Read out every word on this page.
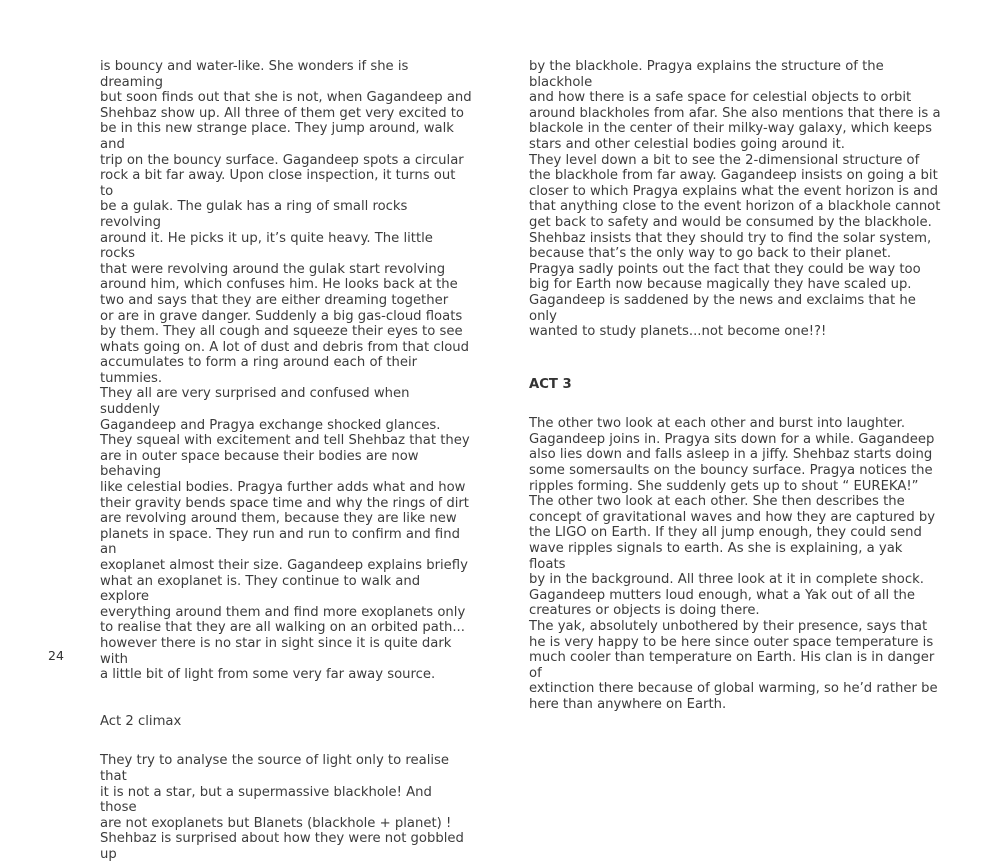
is bouncy and water-like. She wonders if she is dreaming
but soon finds out that she is not, when Gagandeep and
Shehbaz show up. All three of them get very excited to
be in this new strange place. They jump around, walk and
trip on the bouncy surface. Gagandeep spots a circular
rock a bit far away. Upon close inspection, it turns out to
be a gulak. The gulak has a ring of small rocks revolving
around it. He picks it up, it’s quite heavy. The little rocks
that were revolving around the gulak start revolving
around him, which confuses him. He looks back at the
two and says that they are either dreaming together
or are in grave danger. Suddenly a big gas-cloud floats
by them. They all cough and squeeze their eyes to see
whats going on. A lot of dust and debris from that cloud
accumulates to form a ring around each of their tummies.
They all are very surprised and confused when suddenly
Gagandeep and Pragya exchange shocked glances.
They squeal with excitement and tell Shehbaz that they
are in outer space because their bodies are now behaving
like celestial bodies. Pragya further adds what and how
their gravity bends space time and why the rings of dirt
are revolving around them, because they are like new
planets in space. They run and run to confirm and find an
exoplanet almost their size. Gagandeep explains briefly
what an exoplanet is. They continue to walk and explore
everything around them and find more exoplanets only
to realise that they are all walking on an orbited path...
however there is no star in sight since it is quite dark with
a little bit of light from some very far away source.

Act 2 climax

They try to analyse the source of light only to realise that
it is not a star, but a supermassive blackhole! And those
are not exoplanets but Blanets (blackhole + planet) !
Shehbaz is surprised about how they were not gobbled up

by the blackhole. Pragya explains the structure of the blackhole
and how there is a safe space for celestial objects to orbit
around blackholes from afar. She also mentions that there is a
blackole in the center of their milky-way galaxy, which keeps
stars and other celestial bodies going around it.
They level down a bit to see the 2-dimensional structure of
the blackhole from far away. Gagandeep insists on going a bit
closer to which Pragya explains what the event horizon is and
that anything close to the event horizon of a blackhole cannot
get back to safety and would be consumed by the blackhole.
Shehbaz insists that they should try to find the solar system,
because that’s the only way to go back to their planet.
Pragya sadly points out the fact that they could be way too
big for Earth now because magically they have scaled up.
Gagandeep is saddened by the news and exclaims that he only
wanted to study planets...not become one!?!

ACT 3

The other two look at each other and burst into laughter.
Gagandeep joins in. Pragya sits down for a while. Gagandeep
also lies down and falls asleep in a jiffy. Shehbaz starts doing
some somersaults on the bouncy surface. Pragya notices the
ripples forming. She suddenly gets up to shout “ EUREKA!”
The other two look at each other. She then describes the
concept of gravitational waves and how they are captured by
the LIGO on Earth. If they all jump enough, they could send
wave ripples signals to earth. As she is explaining, a yak floats
by in the background. All three look at it in complete shock.
Gagandeep mutters loud enough, what a Yak out of all the
creatures or objects is doing there.
The yak, absolutely unbothered by their presence, says that
he is very happy to be here since outer space temperature is
much cooler than temperature on Earth. His clan is in danger of
extinction there because of global warming, so he’d rather be
here than anywhere on Earth.

24
